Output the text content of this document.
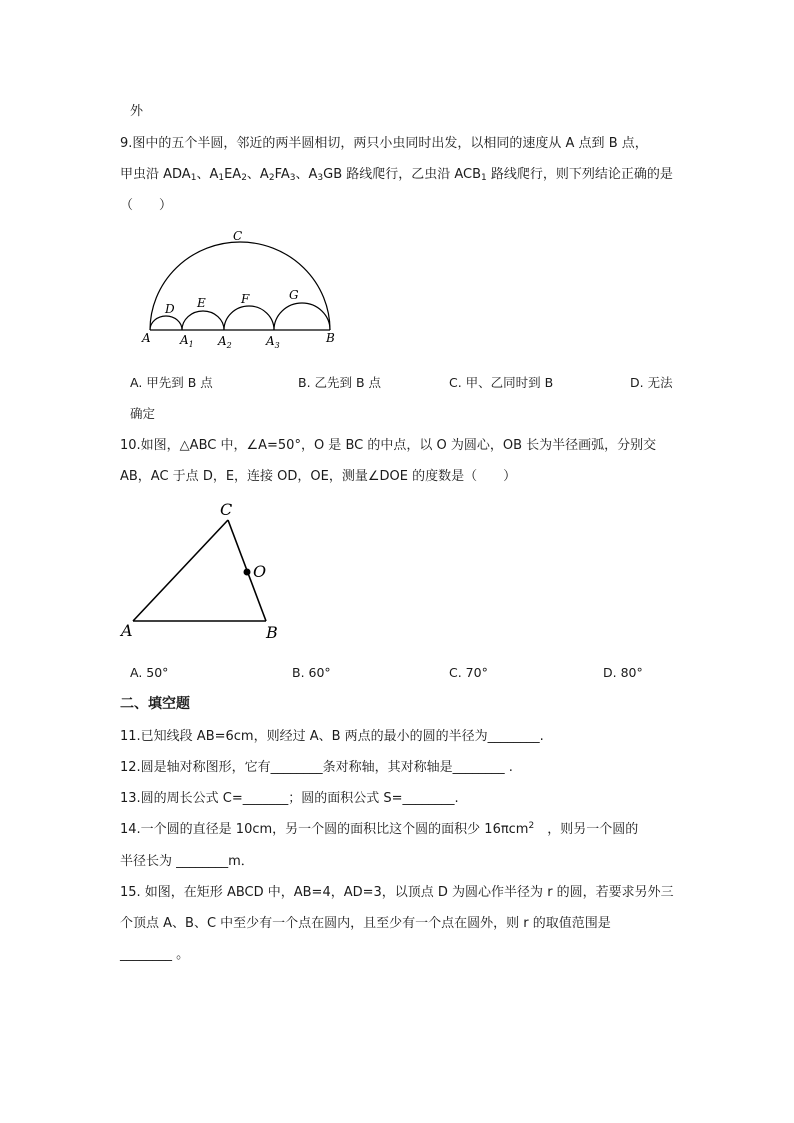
外
9.图中的五个半圆，邻近的两半圆相切，两只小虫同时出发，以相同的速度从 A 点到 B 点，
甲虫沿 $ADA_1$、$A_1EA_2$、$A_2FA_3$、$A_3GB$ 路线爬行，乙虫沿 $ACB_1$ 路线爬行，则下列结论正确的是
（　　）
C
D E	F	G
A $A_1$ $A_2$	$A_3$
B
A. 甲先到 B 点	B. 乙先到 B 点	C. 甲、乙同时到 B	D. 无法
确定
10.如图，△ABC 中，∠A=50°，O 是 BC 的中点，以 O 为圆心，OB 长为半径画弧，分别交
AB，AC 于点 D，E，连接 OD，OE，测量∠DOE 的度数是（　　）
C
O
A	B
A. 50°	B. 60°	C. 70°	D. 80°
二、填空题
11.已知线段 AB=6cm，则经过 A、B 两点的最小的圆的半径为________.
12.圆是轴对称图形，它有________条对称轴，其对称轴是________ .
13.圆的周长公式 C=_______；圆的面积公式 S=________.
14.一个圆的直径是 10cm，另一个圆的面积比这个圆的面积少 16πcm$^2$　，则另一个圆的
半径长为 ________m．
15. 如图，在矩形 ABCD 中，AB=4，AD=3，以顶点 D 为圆心作半径为 r 的圆，若要求另外三
个顶点 A、B、C 中至少有一个点在圆内，且至少有一个点在圆外，则 r 的取值范围是
________ 。
